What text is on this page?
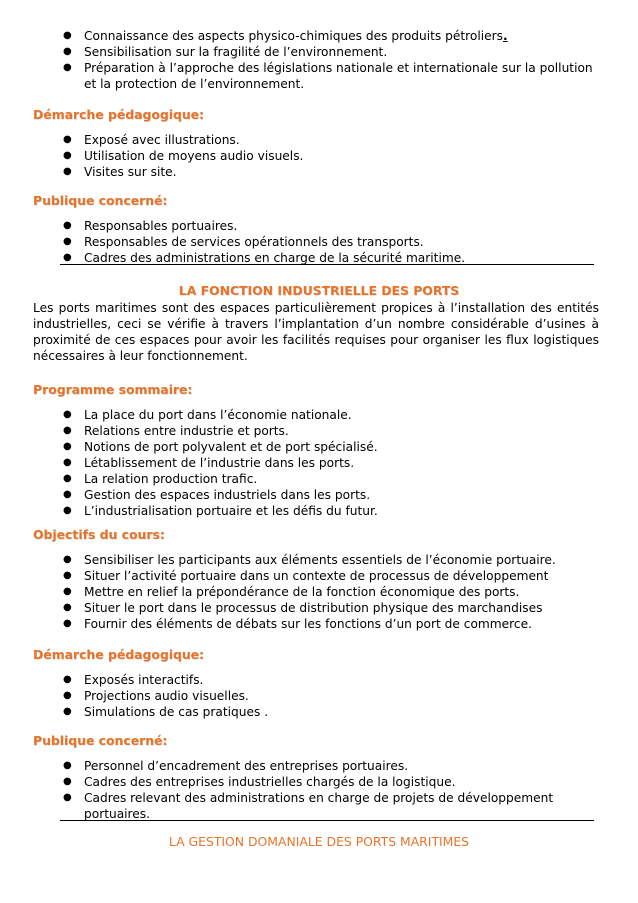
● Connaissance des aspects physico-chimiques des produits pétroliers.
● Sensibilisation sur la fragilité de l’environnement.
● Préparation à l’approche des législations nationale et internationale sur la pollution et la protection de l’environnement.
Démarche pédagogique:
● Exposé avec illustrations.
● Utilisation de moyens audio visuels.
● Visites sur site.
Publique concerné:
● Responsables portuaires.
● Responsables de services opérationnels des transports.
● Cadres des administrations en charge de la sécurité maritime.
LA FONCTION INDUSTRIELLE DES PORTS

Les ports maritimes sont des espaces particulièrement propices à l’installation des entités industrielles, ceci se vérifie à travers l’implantation d’un nombre considérable d’usines à proximité de ces espaces pour avoir les facilités requises pour organiser les flux logistiques nécessaires à leur fonctionnement.

Programme sommaire:
● La place du port dans l’économie nationale.
● Relations entre industrie et ports.
● Notions de port polyvalent et de port spécialisé.
● Létablissement de l’industrie dans les ports.
● La relation production trafic.
● Gestion des espaces industriels dans les ports.
● L’industrialisation portuaire et les défis du futur.
Objectifs du cours:
● Sensibiliser les participants aux éléments essentiels de l’économie portuaire.
● Situer l’activité portuaire dans un contexte de processus de développement
● Mettre en relief la prépondérance de la fonction économique des ports.
● Situer le port dans le processus de distribution physique des marchandises
● Fournir des éléments de débats sur les fonctions d’un port de commerce.
Démarche pédagogique:
● Exposés interactifs.
● Projections audio visuelles.
● Simulations de cas pratiques .
Publique concerné:
● Personnel d’encadrement des entreprises portuaires.
● Cadres des entreprises industrielles chargés de la logistique.
● Cadres relevant des administrations en charge de projets de développement portuaires.
LA GESTION DOMANIALE DES PORTS MARITIMES
